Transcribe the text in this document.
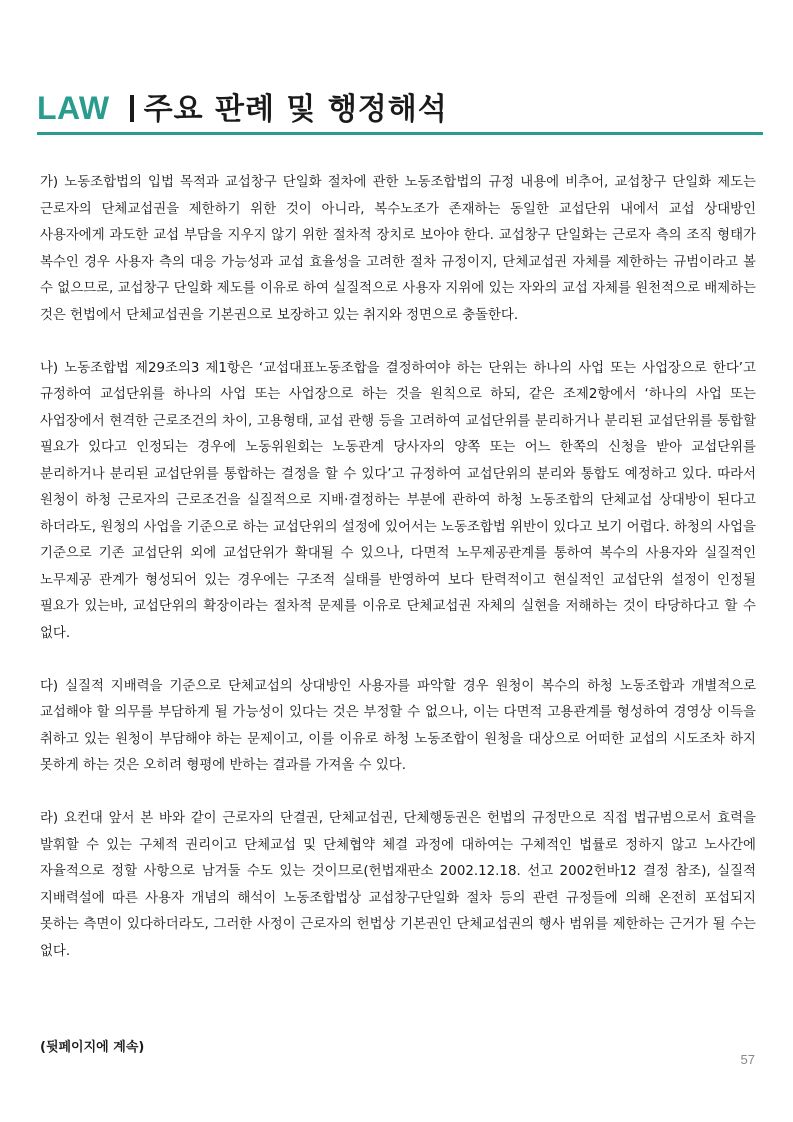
LAW 주요 판례 및 행정해석

가) 노동조합법의 입법 목적과 교섭창구 단일화 절차에 관한 노동조합법의 규정 내용에 비추어, 교섭창구 단일화 제도는 근로자의 단체교섭권을 제한하기 위한 것이 아니라, 복수노조가 존재하는 동일한 교섭단위 내에서 교섭 상대방인 사용자에게 과도한 교섭 부담을 지우지 않기 위한 절차적 장치로 보아야 한다. 교섭창구 단일화는 근로자 측의 조직 형태가 복수인 경우 사용자 측의 대응 가능성과 교섭 효율성을 고려한 절차 규정이지, 단체교섭권 자체를 제한하는 규범이라고 볼 수 없으므로, 교섭창구 단일화 제도를 이유로 하여 실질적으로 사용자 지위에 있는 자와의 교섭 자체를 원천적으로 배제하는 것은 헌법에서 단체교섭권을 기본권으로 보장하고 있는 취지와 정면으로 충돌한다.

나) 노동조합법 제29조의3 제1항은 ‘교섭대표노동조합을 결정하여야 하는 단위는 하나의 사업 또는 사업장으로 한다’고 규정하여 교섭단위를 하나의 사업 또는 사업장으로 하는 것을 원칙으로 하되, 같은 조제2항에서 ‘하나의 사업 또는 사업장에서 현격한 근로조건의 차이, 고용형태, 교섭 관행 등을 고려하여 교섭단위를 분리하거나 분리된 교섭단위를 통합할 필요가 있다고 인정되는 경우에 노동위원회는 노동관계 당사자의 양쪽 또는 어느 한쪽의 신청을 받아 교섭단위를 분리하거나 분리된 교섭단위를 통합하는 결정을 할 수 있다’고 규정하여 교섭단위의 분리와 통합도 예정하고 있다. 따라서 원청이 하청 근로자의 근로조건을 실질적으로 지배·결정하는 부분에 관하여 하청 노동조합의 단체교섭 상대방이 된다고 하더라도, 원청의 사업을 기준으로 하는 교섭단위의 설정에 있어서는 노동조합법 위반이 있다고 보기 어렵다. 하청의 사업을 기준으로 기존 교섭단위 외에 교섭단위가 확대될 수 있으나, 다면적 노무제공관계를 통하여 복수의 사용자와 실질적인 노무제공 관계가 형성되어 있는 경우에는 구조적 실태를 반영하여 보다 탄력적이고 현실적인 교섭단위 설정이 인정될 필요가 있는바, 교섭단위의 확장이라는 절차적 문제를 이유로 단체교섭권 자체의 실현을 저해하는 것이 타당하다고 할 수 없다.

다) 실질적 지배력을 기준으로 단체교섭의 상대방인 사용자를 파악할 경우 원청이 복수의 하청 노동조합과 개별적으로 교섭해야 할 의무를 부담하게 될 가능성이 있다는 것은 부정할 수 없으나, 이는 다면적 고용관계를 형성하여 경영상 이득을 취하고 있는 원청이 부담해야 하는 문제이고, 이를 이유로 하청 노동조합이 원청을 대상으로 어떠한 교섭의 시도조차 하지 못하게 하는 것은 오히려 형평에 반하는 결과를 가져올 수 있다.

라) 요컨대 앞서 본 바와 같이 근로자의 단결권, 단체교섭권, 단체행동권은 헌법의 규정만으로 직접 법규범으로서 효력을 발휘할 수 있는 구체적 권리이고 단체교섭 및 단체협약 체결 과정에 대하여는 구체적인 법률로 정하지 않고 노사간에 자율적으로 정할 사항으로 남겨둘 수도 있는 것이므로(헌법재판소 2002.12.18. 선고 2002헌바12 결정 참조), 실질적 지배력설에 따른 사용자 개념의 해석이 노동조합법상 교섭창구단일화 절차 등의 관련 규정들에 의해 온전히 포섭되지 못하는 측면이 있다하더라도, 그러한 사정이 근로자의 헌법상 기본권인 단체교섭권의 행사 범위를 제한하는 근거가 될 수는 없다.

(뒷페이지에 계속)
57
